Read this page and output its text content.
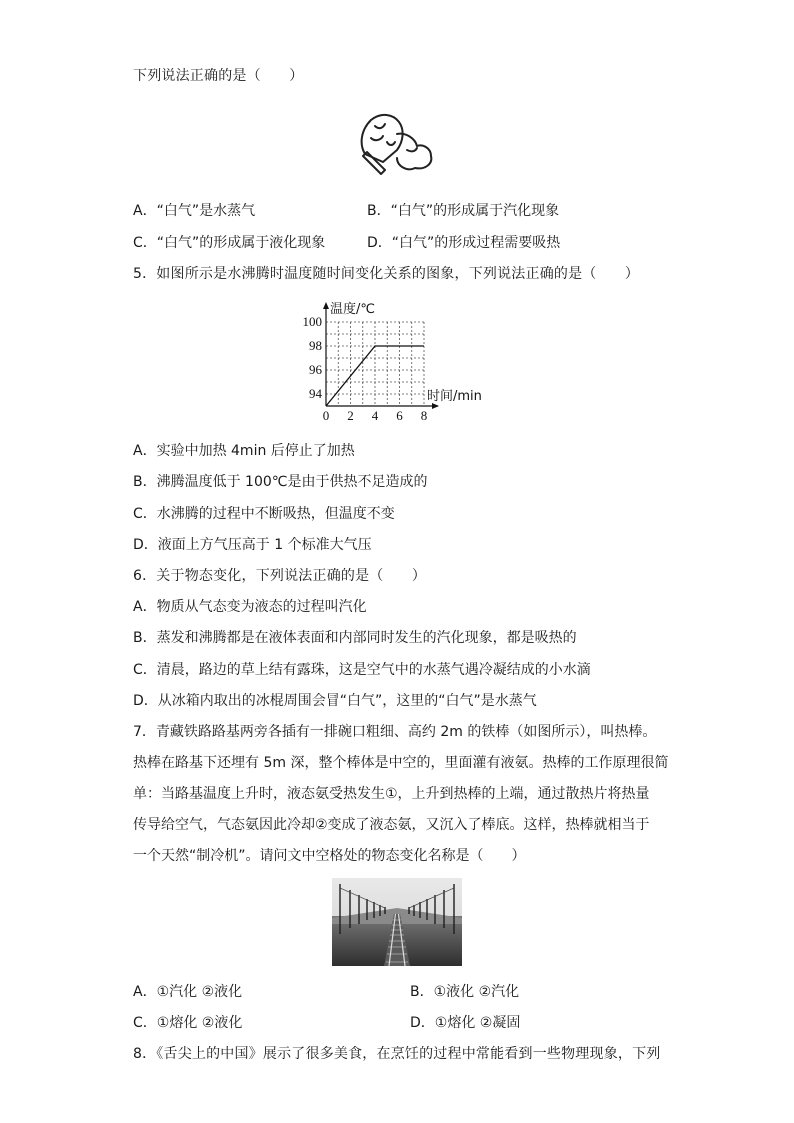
下列说法正确的是（　　）
A．“白气”是水蒸气	B．“白气”的形成属于汽化现象
C．“白气”的形成属于液化现象	D．“白气”的形成过程需要吸热
5．如图所示是水沸腾时温度随时间变化关系的图象，下列说法正确的是（　　）
0 2 4 6 8
94
96
98
100
温度/℃
时间/min
A．实验中加热 4min 后停止了加热
B．沸腾温度低于 100℃是由于供热不足造成的
C．水沸腾的过程中不断吸热，但温度不变
D．液面上方气压高于 1 个标准大气压
6．关于物态变化，下列说法正确的是（　　）
A．物质从气态变为液态的过程叫汽化
B．蒸发和沸腾都是在液体表面和内部同时发生的汽化现象，都是吸热的
C．清晨，路边的草上结有露珠，这是空气中的水蒸气遇冷凝结成的小水滴
D．从冰箱内取出的冰棍周围会冒“白气”，这里的“白气”是水蒸气
7．青藏铁路路基两旁各插有一排碗口粗细、高约 2m 的铁棒（如图所示），叫热棒。
热棒在路基下还埋有 5m 深，整个棒体是中空的，里面灌有液氨。热棒的工作原理很简
单：当路基温度上升时，液态氨受热发生①，上升到热棒的上端，通过散热片将热量
传导给空气，气态氨因此冷却②变成了液态氨，又沉入了棒底。这样，热棒就相当于
一个天然“制冷机”。请问文中空格处的物态变化名称是（　　）
A．①汽化 ②液化	B．①液化 ②汽化
C．①熔化 ②液化	D．①熔化 ②凝固
8．《舌尖上的中国》展示了很多美食，在烹饪的过程中常能看到一些物理现象，下列
